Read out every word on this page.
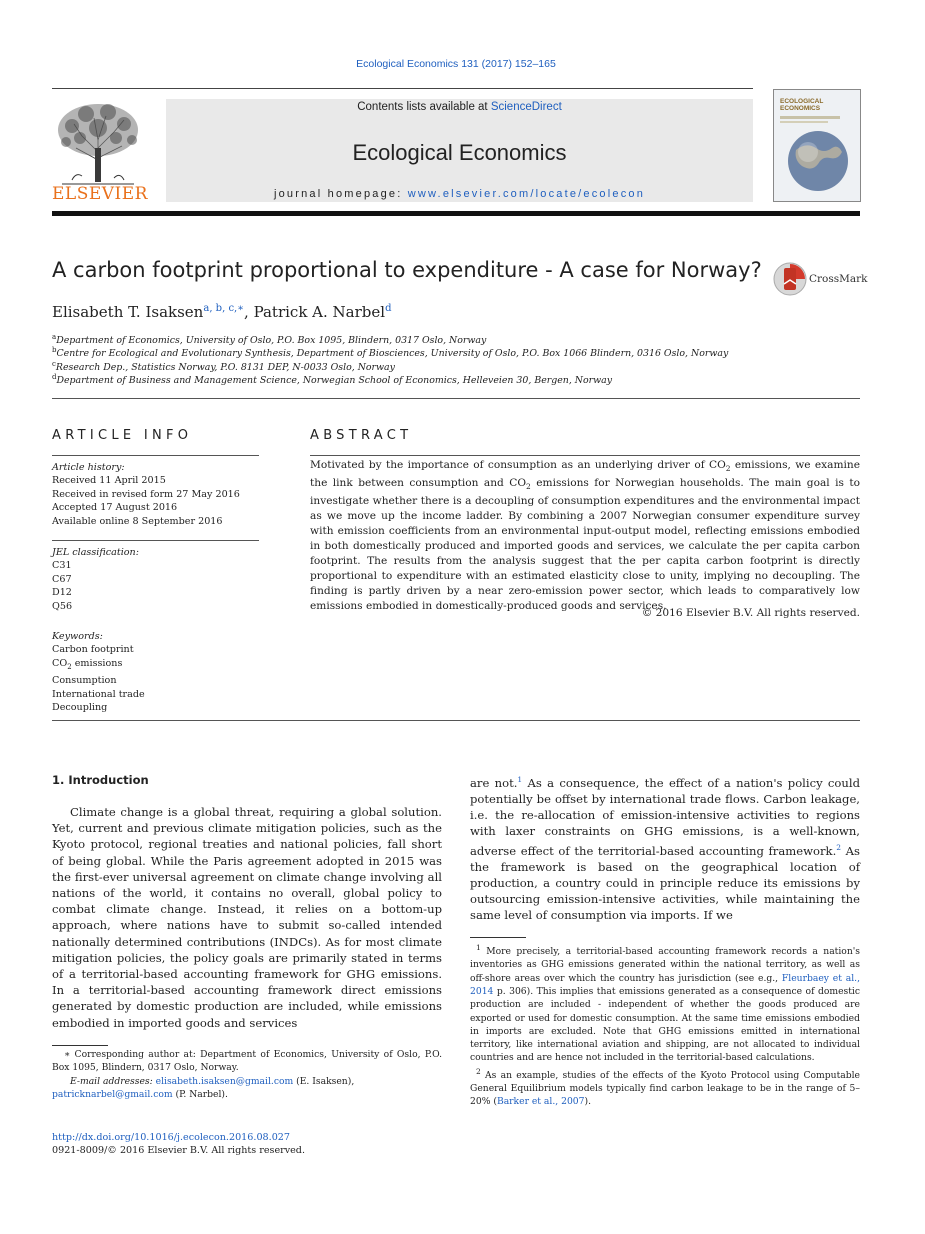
Ecological Economics 131 (2017) 152–165
ELSEVIER
Contents lists available at ScienceDirect
Ecological Economics
journal homepage: www.elsevier.com/locate/ecolecon
ECOLOGICAL
ECONOMICS
A carbon footprint proportional to expenditure - A case for Norway?	CrossMark
Elisabeth T. Isaksen$^{a, b, c,∗}$, Patrick A. Narbel$^d$
$^a$Department of Economics, University of Oslo, P.O. Box 1095, Blindern, 0317 Oslo, Norway
$^b$Centre for Ecological and Evolutionary Synthesis, Department of Biosciences, University of Oslo, P.O. Box 1066 Blindern, 0316 Oslo, Norway
$^c$Research Dep., Statistics Norway, P.O. 8131 DEP, N-0033 Oslo, Norway
$^d$Department of Business and Management Science, Norwegian School of Economics, Helleveien 30, Bergen, Norway
ARTICLE INFO
Article history:
Received 11 April 2015
Received in revised form 27 May 2016
Accepted 17 August 2016
Available online 8 September 2016
JEL classification:
C31
C67
D12
Q56
Keywords:
Carbon footprint
$CO_2$ emissions
Consumption
International trade
Decoupling
ABSTRACT
Motivated by the importance of consumption as an underlying driver of $CO_2$ emissions, we examine the link between consumption and $CO_2$ emissions for Norwegian households. The main goal is to investigate whether there is a decoupling of consumption expenditures and the environmental impact as we move up the income ladder. By combining a 2007 Norwegian consumer expenditure survey with emission coefficients from an environmental input-output model, reflecting emissions embodied in both domestically produced and imported goods and services, we calculate the per capita carbon footprint. The results from the analysis suggest that the per capita carbon footprint is directly proportional to expenditure with an estimated elasticity close to unity, implying no decoupling. The finding is partly driven by a near zero-emission power sector, which leads to comparatively low emissions embodied in domestically-produced goods and services.
© 2016 Elsevier B.V. All rights reserved.
1. Introduction
Climate change is a global threat, requiring a global solution. Yet, current and previous climate mitigation policies, such as the Kyoto protocol, regional treaties and national policies, fall short of being global. While the Paris agreement adopted in 2015 was the first-ever universal agreement on climate change involving all nations of the world, it contains no overall, global policy to combat climate change. Instead, it relies on a bottom-up approach, where nations have to submit so-called intended nationally determined contributions (INDCs). As for most climate mitigation policies, the policy goals are primarily stated in terms of a territorial-based accounting framework for GHG emissions. In a territorial-based accounting framework direct emissions generated by domestic production are included, while emissions embodied in imported goods and services
are not.$^1$ As a consequence, the effect of a nation's policy could potentially be offset by international trade flows. Carbon leakage, i.e. the re-allocation of emission-intensive activities to regions with laxer constraints on GHG emissions, is a well-known, adverse effect of the territorial-based accounting framework.$^2$ As the framework is based on the geographical location of production, a country could in principle reduce its emissions by outsourcing emission-intensive activities, while maintaining the same level of consumption via imports. If we
∗ Corresponding author at: Department of Economics, University of Oslo, P.O. Box 1095, Blindern, 0317 Oslo, Norway.
E-mail addresses: elisabeth.isaksen@gmail.com (E. Isaksen),
patricknarbel@gmail.com (P. Narbel).
$^1$ More precisely, a territorial-based accounting framework records a nation's inventories as GHG emissions generated within the national territory, as well as off-shore areas over which the country has jurisdiction (see e.g., Fleurbaey et al., 2014 p. 306). This implies that emissions generated as a consequence of domestic production are included - independent of whether the goods produced are exported or used for domestic consumption. At the same time emissions embodied in imports are excluded. Note that GHG emissions emitted in international territory, like international aviation and shipping, are not allocated to individual countries and are hence not included in the territorial-based calculations.
$^2$ As an example, studies of the effects of the Kyoto Protocol using Computable General Equilibrium models typically find carbon leakage to be in the range of 5–20% (Barker et al., 2007).
http://dx.doi.org/10.1016/j.ecolecon.2016.08.027
0921-8009/© 2016 Elsevier B.V. All rights reserved.
